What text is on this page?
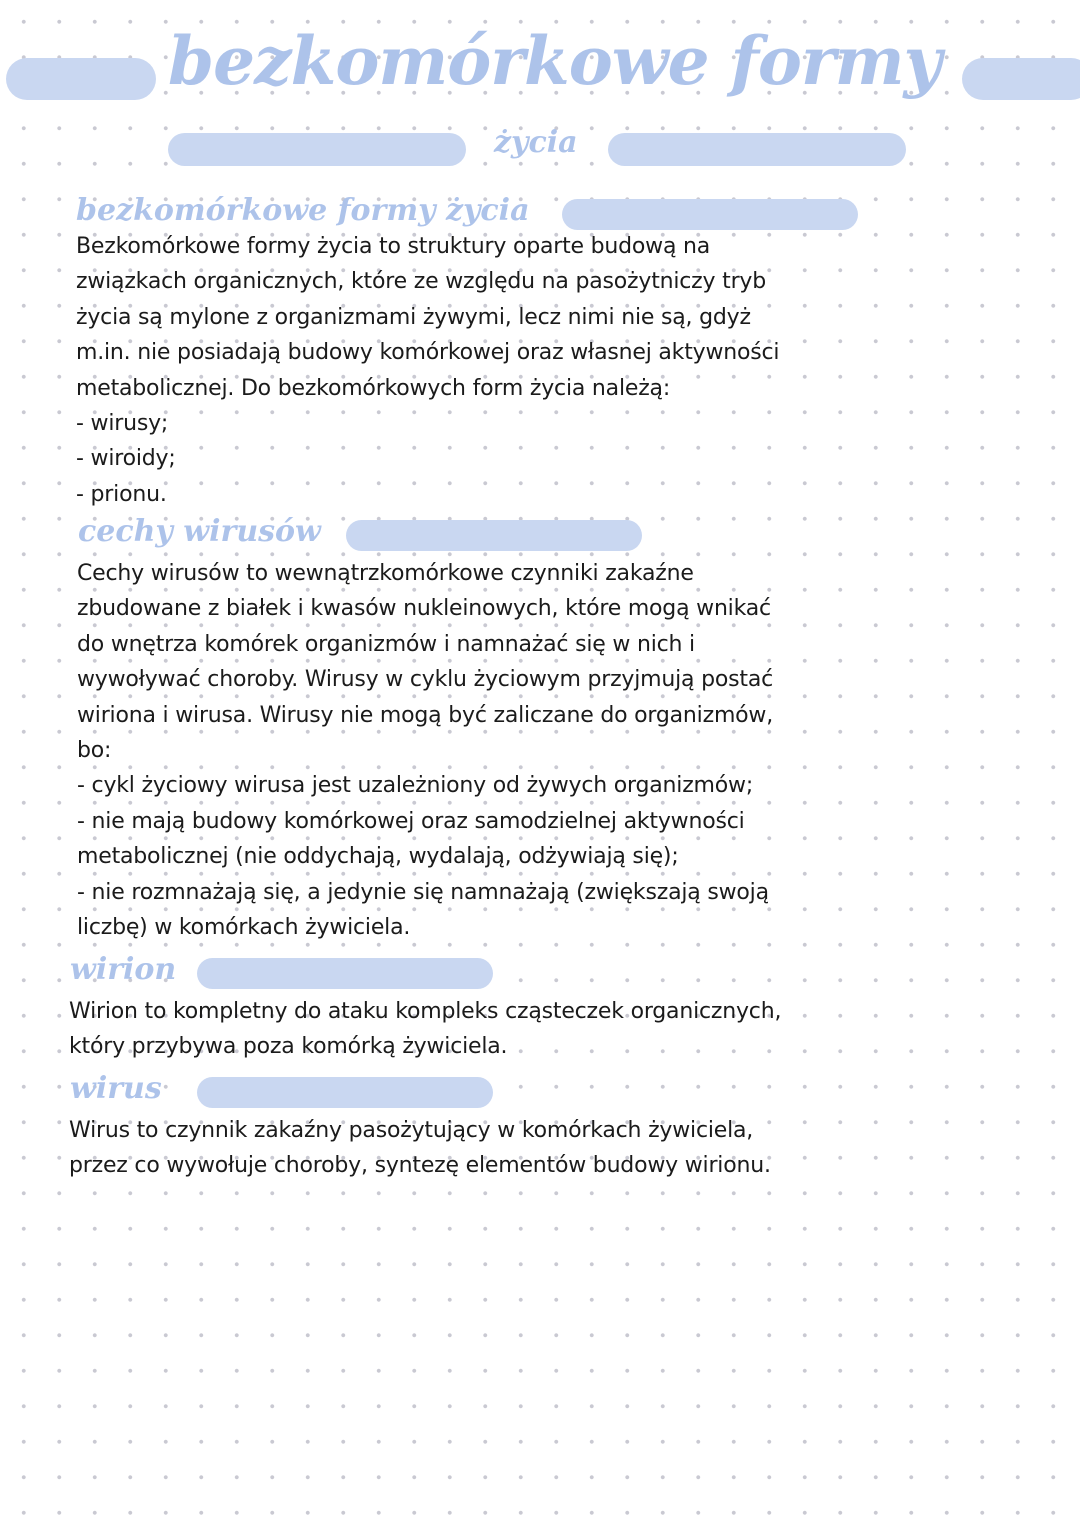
bezkomórkowe formy
życia
bezkomórkowe formy życia

Bezkomórkowe formy życia to struktury oparte budową na

związkach organicznych, które ze względu na pasożytniczy tryb

życia są mylone z organizmami żywymi, lecz nimi nie są, gdyż

m.in. nie posiadają budowy komórkowej oraz własnej aktywności

metabolicznej. Do bezkomórkowych form życia należą:

- wirusy;
- wiroidy;
- prionu.
cechy wirusów

Cechy wirusów to wewnątrzkomórkowe czynniki zakaźne

zbudowane z białek i kwasów nukleinowych, które mogą wnikać

do wnętrza komórek organizmów i namnażać się w nich i

wywoływać choroby. Wirusy w cyklu życiowym przyjmują postać

wiriona i wirusa. Wirusy nie mogą być zaliczane do organizmów,

bo:

- cykl życiowy wirusa jest uzależniony od żywych organizmów;
- nie mają budowy komórkowej oraz samodzielnej aktywności
metabolicznej (nie oddychają, wydalają, odżywiają się);
- nie rozmnażają się, a jedynie się namnażają (zwiększają swoją
liczbę) w komórkach żywiciela.
wirion

Wirion to kompletny do ataku kompleks cząsteczek organicznych,

który przybywa poza komórką żywiciela.

wirus

Wirus to czynnik zakaźny pasożytujący w komórkach żywiciela,

przez co wywołuje choroby, syntezę elementów budowy wirionu.
